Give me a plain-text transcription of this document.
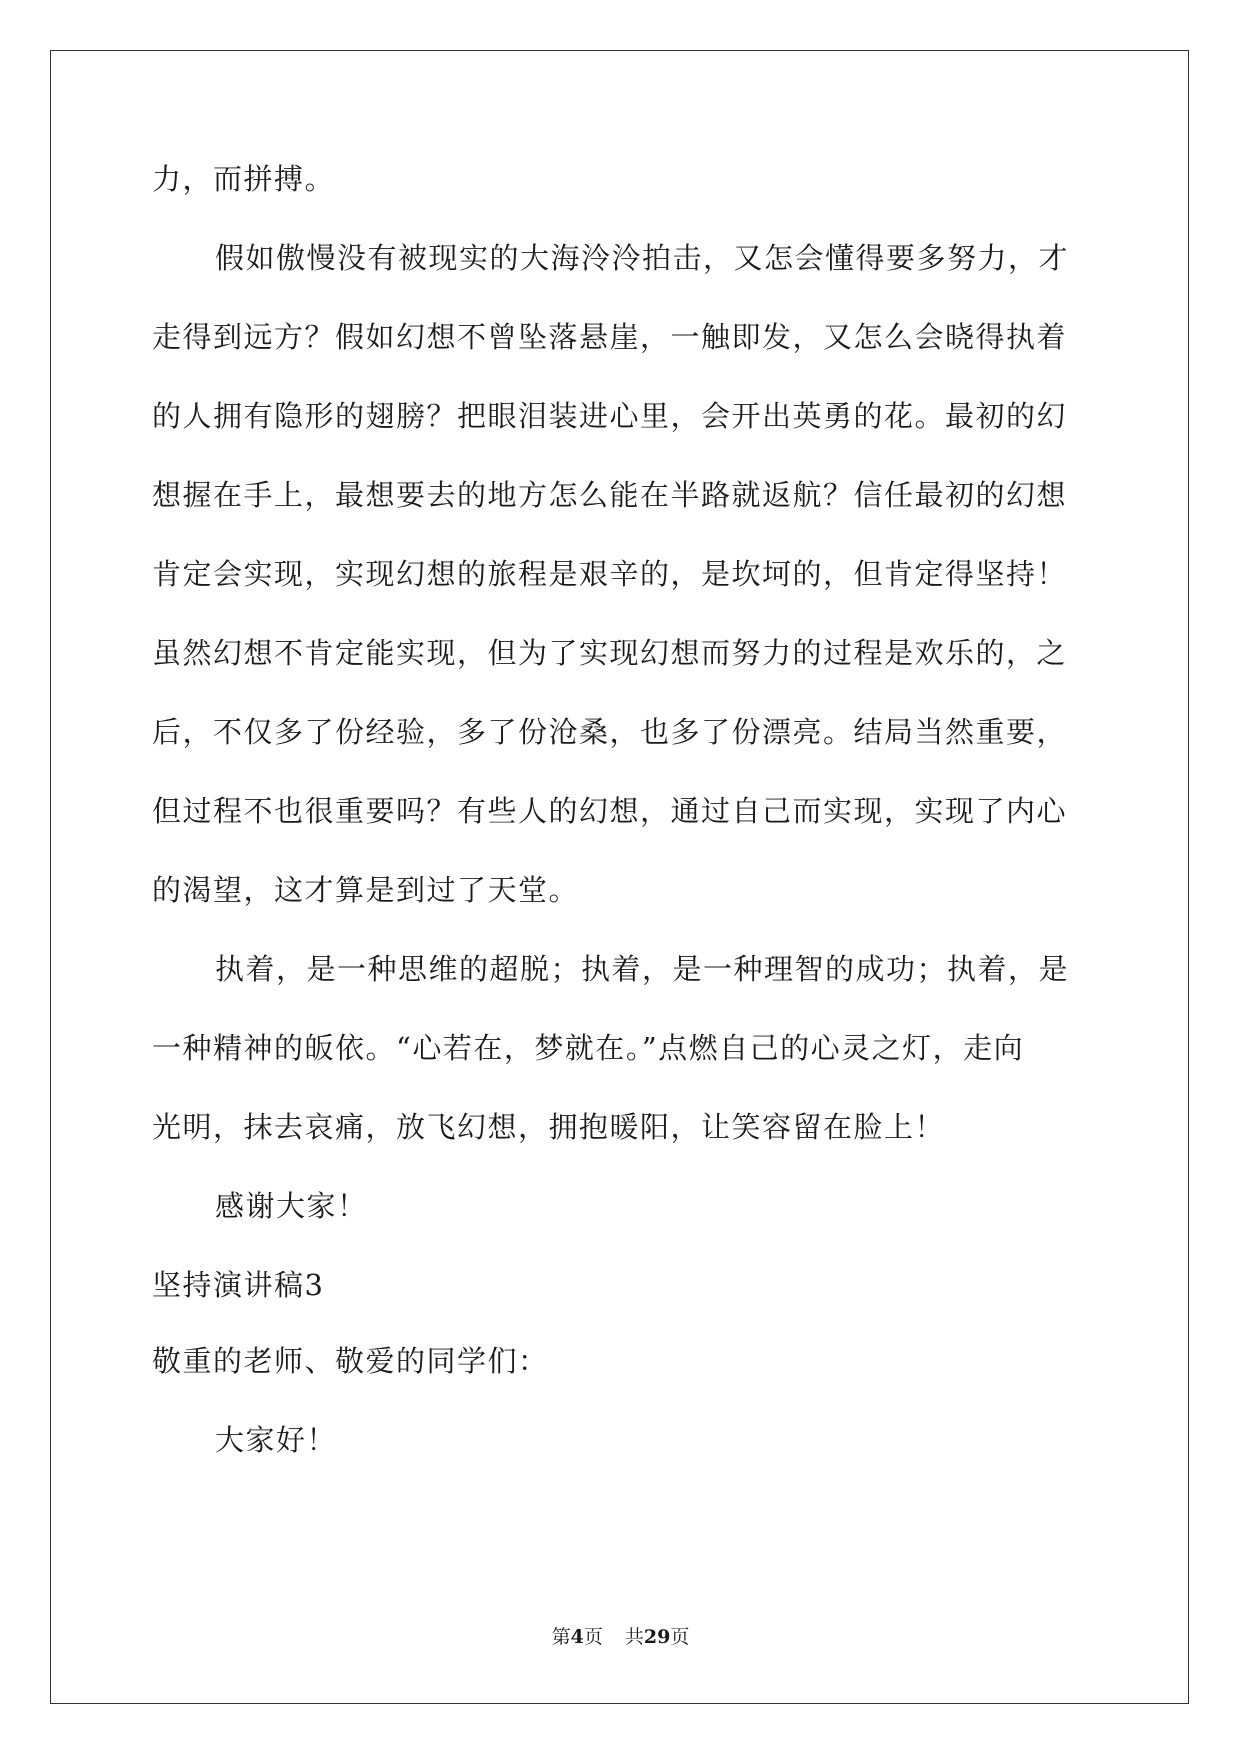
力，而拼搏。

假如傲慢没有被现实的大海泠泠拍击，又怎会懂得要多努力，才

走得到远方？假如幻想不曾坠落悬崖，一触即发，又怎么会晓得执着

的人拥有隐形的翅膀？把眼泪装进心里，会开出英勇的花。最初的幻

想握在手上，最想要去的地方怎么能在半路就返航？信任最初的幻想

肯定会实现，实现幻想的旅程是艰辛的，是坎坷的，但肯定得坚持！

虽然幻想不肯定能实现，但为了实现幻想而努力的过程是欢乐的，之

后，不仅多了份经验，多了份沧桑，也多了份漂亮。结局当然重要，

但过程不也很重要吗？有些人的幻想，通过自己而实现，实现了内心

的渴望，这才算是到过了天堂。

执着，是一种思维的超脱；执着，是一种理智的成功；执着，是

一种精神的皈依。“心若在，梦就在。”点燃自己的心灵之灯，走向

光明，抹去哀痛，放飞幻想，拥抱暖阳，让笑容留在脸上！

感谢大家！

坚持演讲稿3

敬重的老师、敬爱的同学们：

大家好！

第4页 共29页
